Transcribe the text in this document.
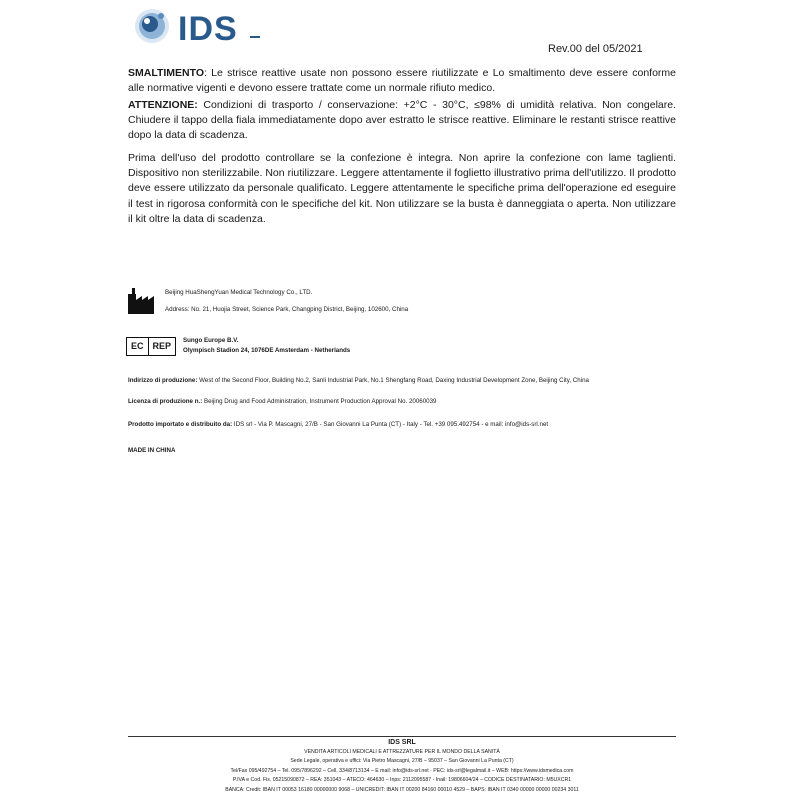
IDS
Rev.00 del 05/2021

SMALTIMENTO: Le strisce reattive usate non possono essere riutilizzate e Lo smaltimento deve essere conforme alle normative vigenti e devono essere trattate come un normale rifiuto medico.

ATTENZIONE: Condizioni di trasporto / conservazione: +2°C - 30°C, ≤98% di umidità relativa. Non congelare. Chiudere il tappo della fiala immediatamente dopo aver estratto le strisce reattive. Eliminare le restanti strisce reattive dopo la data di scadenza.

Prima dell'uso del prodotto controllare se la confezione è integra. Non aprire la confezione con lame taglienti. Dispositivo non sterilizzabile. Non riutilizzare. Leggere attentamente il foglietto illustrativo prima dell'utilizzo. Il prodotto deve essere utilizzato da personale qualificato. Leggere attentamente le specifiche prima dell'operazione ed eseguire il test in rigorosa conformità con le specifiche del kit. Non utilizzare se la busta è danneggiata o aperta. Non utilizzare il kit oltre la data di scadenza.

Beijing HuaShengYuan Medical Technology Co., LTD.
Address: No. 21, Huojia Street, Science Park, Changping District, Beijing, 102600, China
EC	REP
Sungo Europe B.V.
Olympisch Stadion 24, 1076DE Amsterdam - Netherlands
Indirizzo di produzione: West of the Second Floor, Building No.2, Sanli Industrial Park, No.1 Shengfang Road, Daxing Industrial Development Zone, Beijing City, China
Licenza di produzione n.: Beijing Drug and Food Administration, Instrument Production Approval No. 20060039
Prodotto importato e distribuito da: IDS srl - Via P. Mascagni, 27/B - San Giovanni La Punta (CT) - Italy - Tel. +39 095.492754 - e mail: info@ids-srl.net
MADE IN CHINA
IDS SRL
VENDITA ARTICOLI MEDICALI E ATTREZZATURE PER IL MONDO DELLA SANITÀ
Sede Legale, operativa e uffici: Via Pietro Mascagni, 27/B – 95037 – San Giovanni La Punta (CT)
Tel/Fax 095/492754 – Tel. 095/7896292 – Cell. 334/8713134 – E mail: info@ids-srl.net · PEC: ids-srl@legalmail.it – WEB: https://www.idsmedica.com
P.IVA e Cod. Fis. 05215090872 – REA: 351043 – ATECO: 464630 – Inps: 2112095587 - Inail: 19806604/24 – CODICE DESTINATARIO: M5UXCR1
BANCA: Credit: IBAN IT 00053 16180 00000000 9068 – UNICREDIT: IBAN IT 00200 84160 00010 4529 – BAPS: IBAN IT 0340 00000 00000 00234 3011
